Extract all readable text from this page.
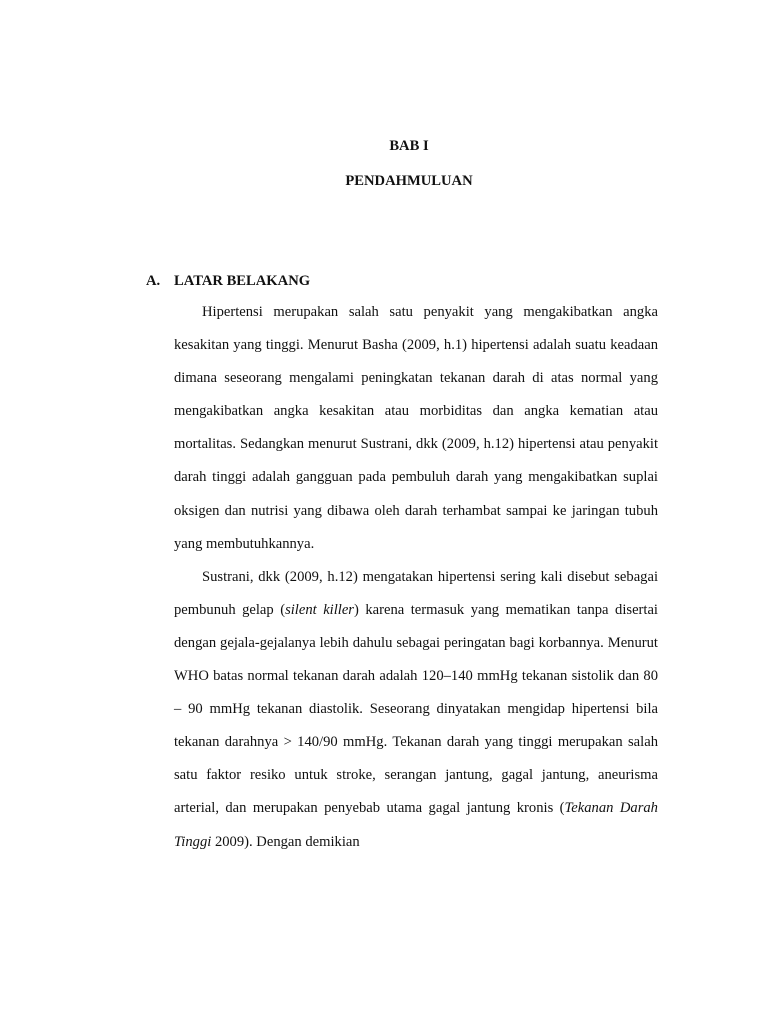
BAB I
PENDAHMULUAN
A. LATAR BELAKANG

Hipertensi merupakan salah satu penyakit yang mengakibatkan angka kesakitan yang tinggi. Menurut Basha (2009, h.1) hipertensi adalah suatu keadaan dimana seseorang mengalami peningkatan tekanan darah di atas normal yang mengakibatkan angka kesakitan atau morbiditas dan angka kematian atau mortalitas. Sedangkan menurut Sustrani, dkk (2009, h.12) hipertensi atau penyakit darah tinggi adalah gangguan pada pembuluh darah yang mengakibatkan suplai oksigen dan nutrisi yang dibawa oleh darah terhambat sampai ke jaringan tubuh yang membutuhkannya.

Sustrani, dkk (2009, h.12) mengatakan hipertensi sering kali disebut sebagai pembunuh gelap (silent killer) karena termasuk yang mematikan tanpa disertai dengan gejala-gejalanya lebih dahulu sebagai peringatan bagi korbannya. Menurut WHO batas normal tekanan darah adalah 120–140 mmHg tekanan sistolik dan 80 – 90 mmHg tekanan diastolik. Seseorang dinyatakan mengidap hipertensi bila tekanan darahnya > 140/90 mmHg. Tekanan darah yang tinggi merupakan salah satu faktor resiko untuk stroke, serangan jantung, gagal jantung, aneurisma arterial, dan merupakan penyebab utama gagal jantung kronis (Tekanan Darah Tinggi 2009). Dengan demikian
